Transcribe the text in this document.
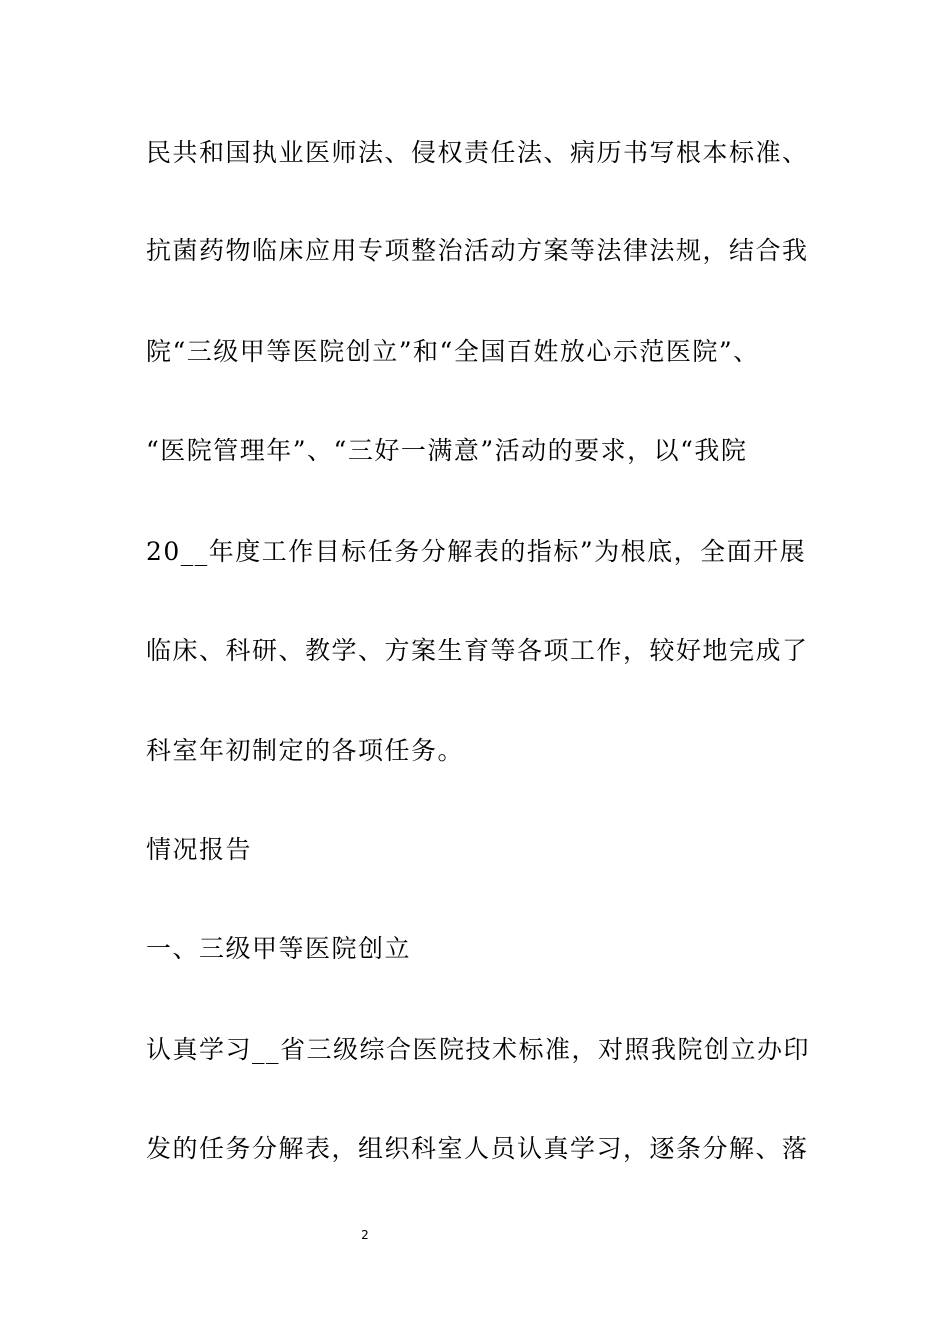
民共和国执业医师法、侵权责任法、病历书写根本标准、
抗菌药物临床应用专项整治活动方案等法律法规，结合我
院“三级甲等医院创立”和“全国百姓放心示范医院”、
“医院管理年”、“三好一满意”活动的要求，以“我院
20__年度工作目标任务分解表的指标”为根底，全面开展
临床、科研、教学、方案生育等各项工作，较好地完成了
科室年初制定的各项任务。
情况报告
一、三级甲等医院创立
认真学习__省三级综合医院技术标准，对照我院创立办印
发的任务分解表，组织科室人员认真学习，逐条分解、落
2
